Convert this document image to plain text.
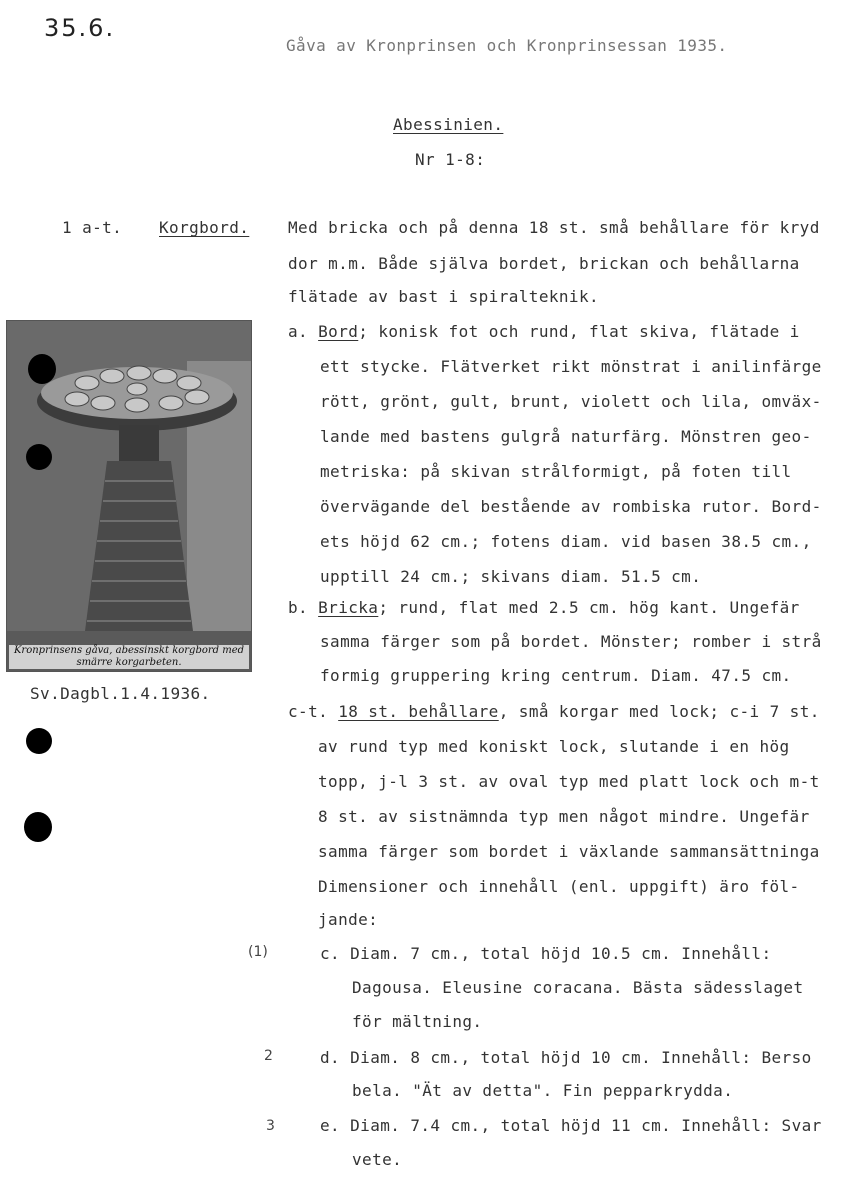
35.6.
Gåva av Kronprinsen och Kronprinsessan 1935.
Abessinien.
Nr 1-8:
1 a-t. Korgbord. Med bricka och på denna 18 st. små behållare för kryd
dor m.m. Både själva bordet, brickan och behållarna
flätade av bast i spiralteknik.
a. Bord; konisk fot och rund, flat skiva, flätade i
ett stycke. Flätverket rikt mönstrat i anilinfärge
rött, grönt, gult, brunt, violett och lila, omväx-
lande med bastens gulgrå naturfärg. Mönstren geo-
metriska: på skivan strålformigt, på foten till
övervägande del bestående av rombiska rutor. Bord-
ets höjd 62 cm.; fotens diam. vid basen 38.5 cm.,
upptill 24 cm.; skivans diam. 51.5 cm.
b. Bricka; rund, flat med 2.5 cm. hög kant. Ungefär
samma färger som på bordet. Mönster; romber i strå
formig gruppering kring centrum. Diam. 47.5 cm.
c-t. 18 st. behållare, små korgar med lock; c-i 7 st.
av rund typ med koniskt lock, slutande i en hög
topp, j-l 3 st. av oval typ med platt lock och m-t
8 st. av sistnämnda typ men något mindre. Ungefär
samma färger som bordet i växlande sammansättninga
Dimensioner och innehåll (enl. uppgift) äro föl-
jande:
(1)	c. Diam. 7 cm., total höjd 10.5 cm. Innehåll:
Dagousa. Eleusine coracana. Bästa sädesslaget
för mältning.
2	d. Diam. 8 cm., total höjd 10 cm. Innehåll: Berso
bela. "Ät av detta". Fin pepparkrydda.
3	e. Diam. 7.4 cm., total höjd 11 cm. Innehåll: Svar
vete.
Kronprinsens gåva, abessinskt korgbord med smärre korgarbeten.
Sv.Dagbl.1.4.1936.
